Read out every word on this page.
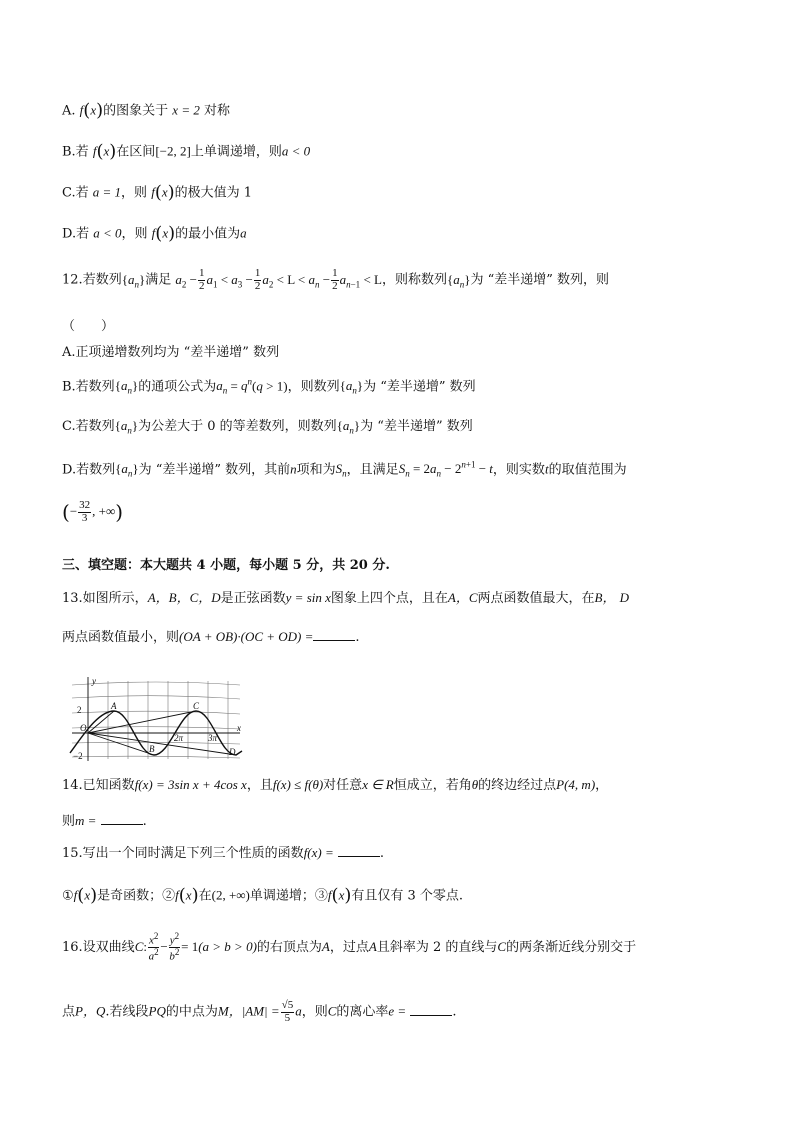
A. f(x)的图象关于 x = 2 对称
B.若 f(x)在区间[−2, 2]上单调递增，则a < 0
C.若 a = 1，则 f(x)的极大值为 1
D.若 a < 0，则 f(x)的最小值为a
12.若数列$\{a_n\}$满足 $a_2 - \frac{1}{2} a_1 < a_3 - \frac{1}{2} a_2 < L < a_n - \frac{1}{2} a_{n-1} < L$，则称数列$\{a_n\}$为 “差半递增” 数列，则
（　　）
A.正项递增数列均为 “差半递增” 数列
B.若数列$\{a_n\}$的通项公式为$a_n = q^n(q > 1)$，则数列$\{a_n\}$为 “差半递增” 数列
C.若数列$\{a_n\}$为公差大于 0 的等差数列，则数列$\{a_n\}$为 “差半递增” 数列
D.若数列$\{a_n\}$为 “差半递增” 数列，其前n项和为$S_n$，且满足$S_n = 2a_n - 2^{n+1} - t$，则实数t的取值范围为
(− $\frac{32}{3}$ , +∞)
三、填空题：本大题共 4 小题，每小题 5 分，共 20 分.
13.如图所示，A，B，C，D是正弦函数y = sin x图象上四个点，且在A，C两点函数值最大，在B， D
两点函数值最小，则(OA + OB)·(OC + OD) =	.
y
x
O
2
−2
A
B
C
D
2π	3π
14.已知函数f(x) = 3sin x + 4cos x，且f(x) ≤ f(θ)对任意x ∈ R恒成立，若角θ的终边经过点P(4, m)，
则m =	.
15.写出一个同时满足下列三个性质的函数f(x) =	.
①f(x)是奇函数；②f(x)在(2, +∞)单调递增；③f(x)有且仅有 3 个零点.
16.设双曲线C: $\frac{x^2}{a^2} - \frac{y^2}{b^2} = 1(a > b > 0)$的右顶点为A，过点A且斜率为 2 的直线与C的两条渐近线分别交于
点P，Q.若线段PQ的中点为M，$|AM| = \frac{√5}{5}$ a，则C的离心率e =	.
